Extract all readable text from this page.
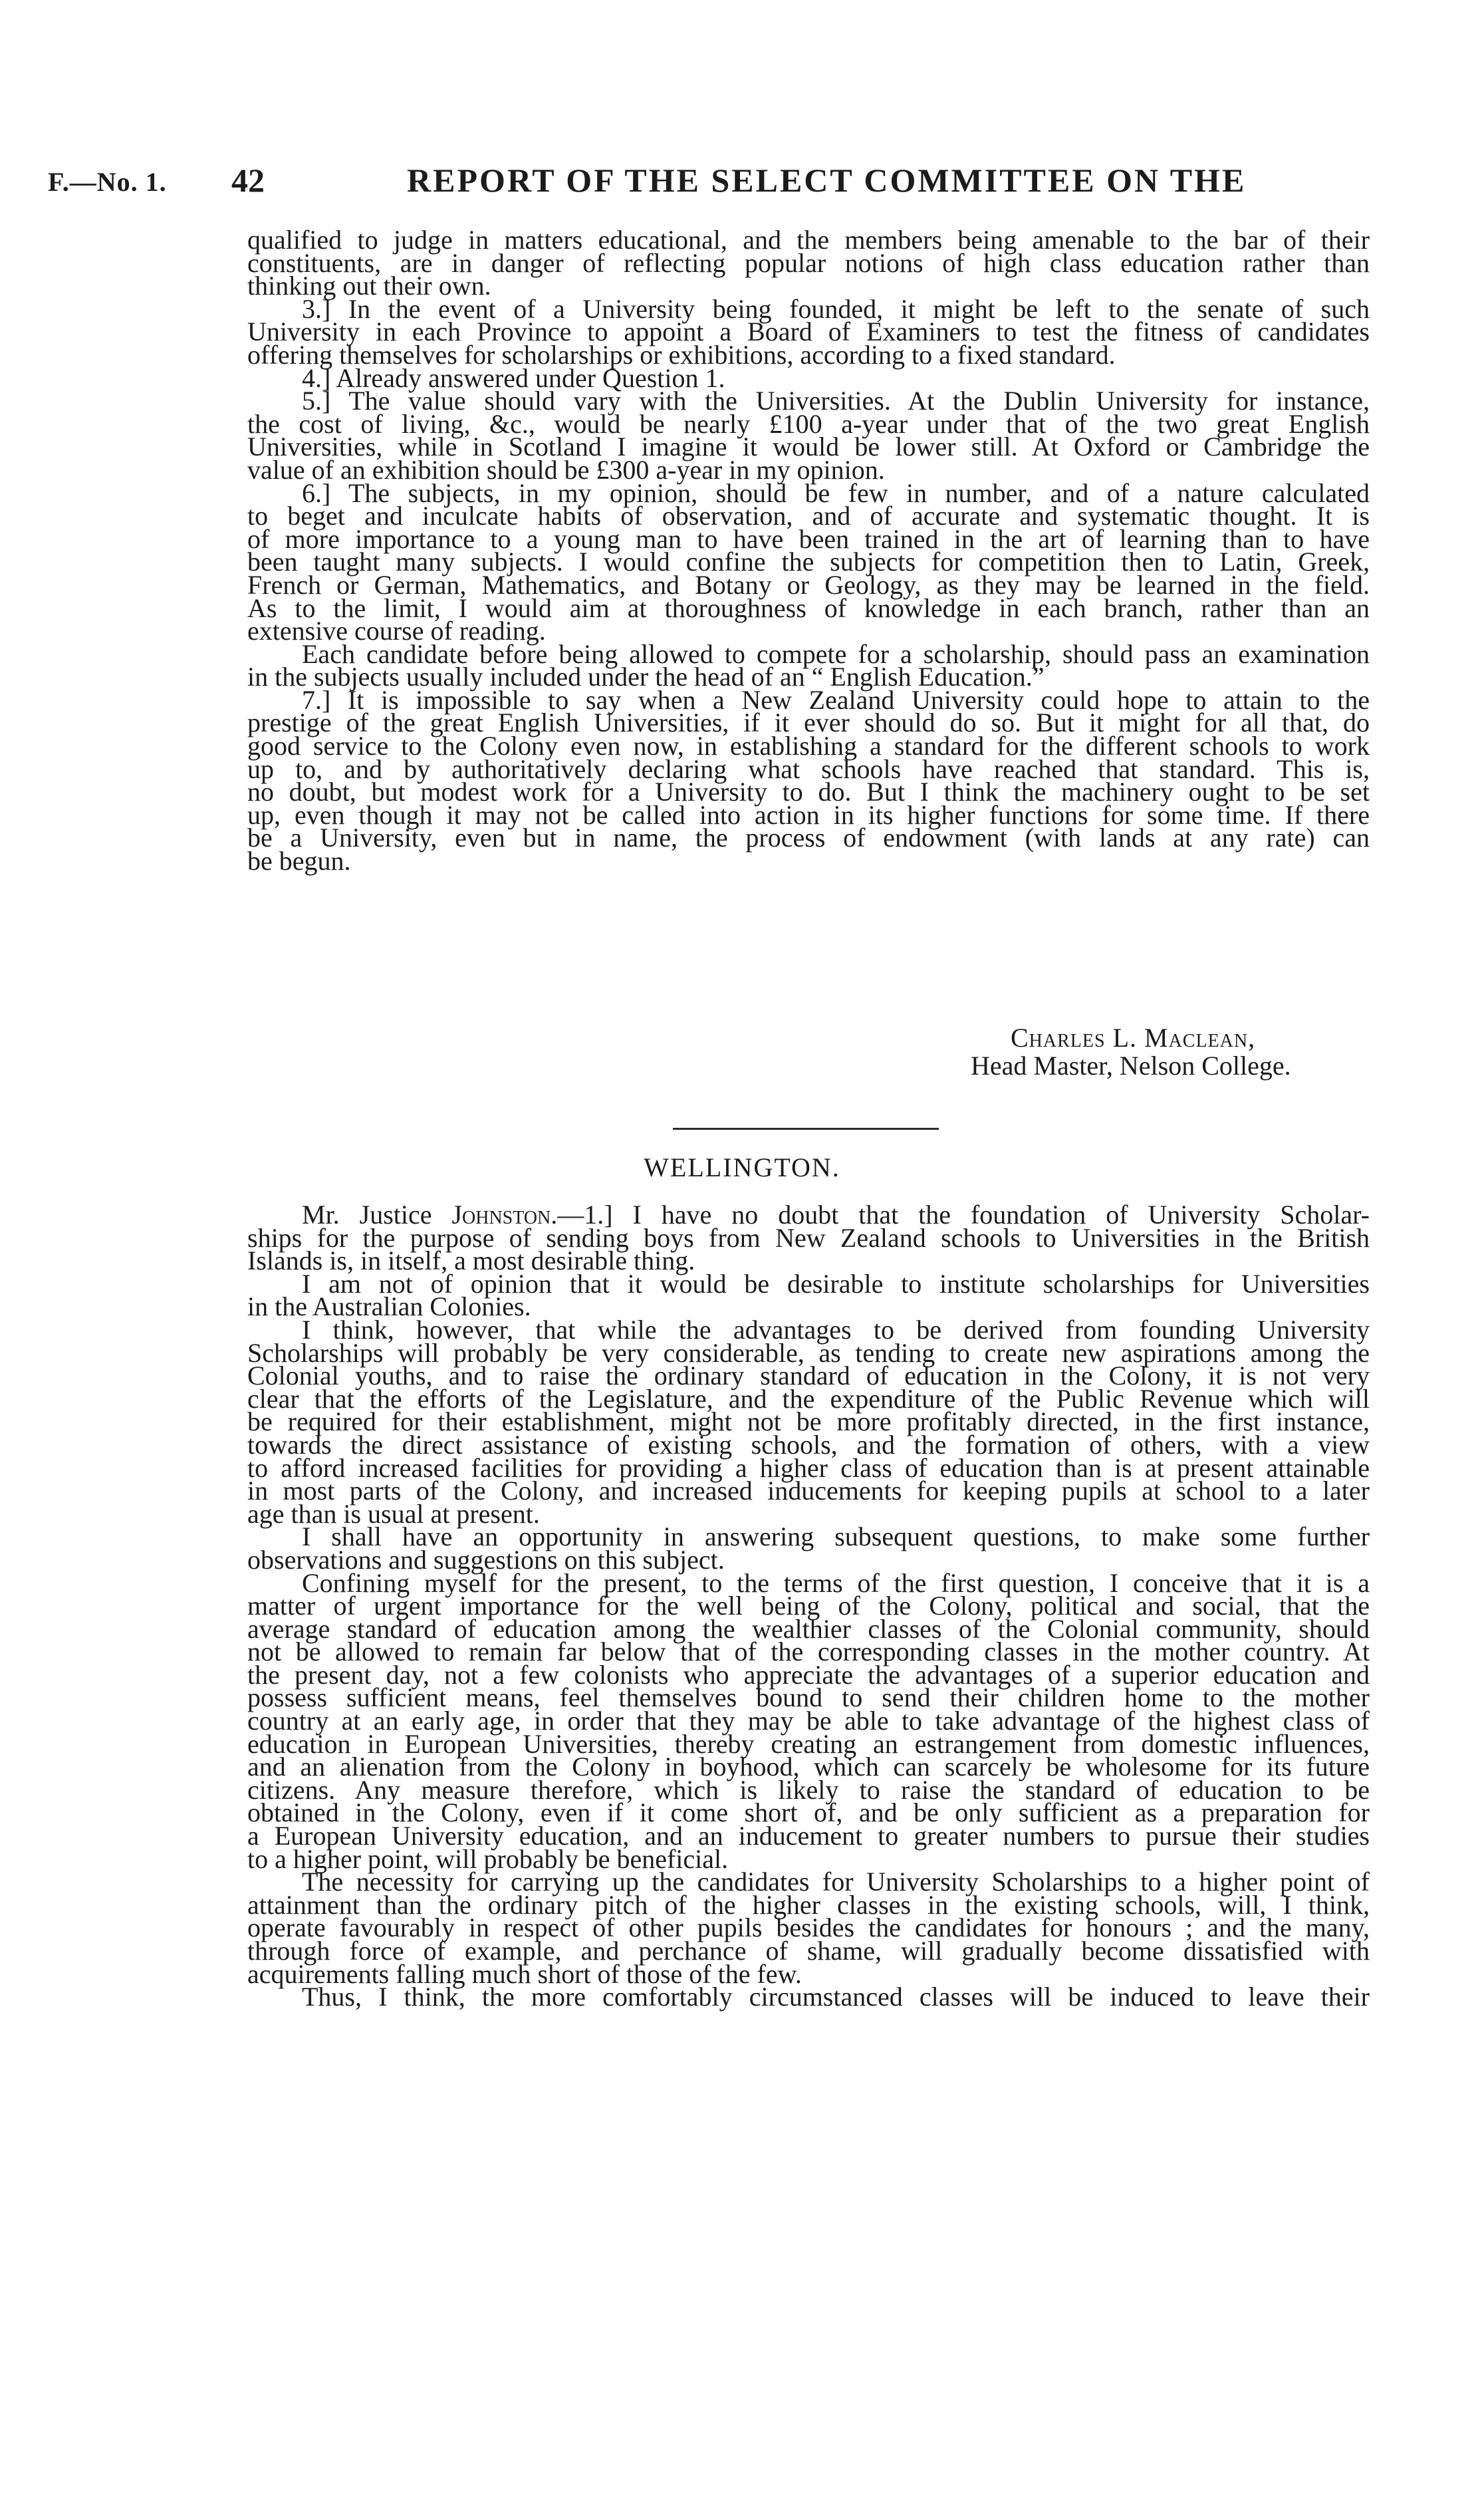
F.—No. 1. 42	REPORT OF THE SELECT COMMITTEE ON THE

qualified to judge in matters educational, and the members being amenable to the bar of their

constituents, are in danger of reflecting popular notions of high class education rather than

thinking out their own.

3.] In the event of a University being founded, it might be left to the senate of such

University in each Province to appoint a Board of Examiners to test the fitness of candidates

offering themselves for scholarships or exhibitions, according to a fixed standard.

4.] Already answered under Question 1.

5.] The value should vary with the Universities. At the Dublin University for instance,

the cost of living, &c., would be nearly £100 a-year under that of the two great English

Universities, while in Scotland I imagine it would be lower still. At Oxford or Cambridge the

value of an exhibition should be £300 a-year in my opinion.

6.] The subjects, in my opinion, should be few in number, and of a nature calculated

to beget and inculcate habits of observation, and of accurate and systematic thought. It is

of more importance to a young man to have been trained in the art of learning than to have

been taught many subjects. I would confine the subjects for competition then to Latin, Greek,

French or German, Mathematics, and Botany or Geology, as they may be learned in the field.

As to the limit, I would aim at thoroughness of knowledge in each branch, rather than an

extensive course of reading.

Each candidate before being allowed to compete for a scholarship, should pass an examination

in the subjects usually included under the head of an “ English Education.”

7.] It is impossible to say when a New Zealand University could hope to attain to the

prestige of the great English Universities, if it ever should do so. But it might for all that, do

good service to the Colony even now, in establishing a standard for the different schools to work

up to, and by authoritatively declaring what schools have reached that standard. This is,

no doubt, but modest work for a University to do. But I think the machinery ought to be set

up, even though it may not be called into action in its higher functions for some time. If there

be a University, even but in name, the process of endowment (with lands at any rate) can

be begun.

Charles L. Maclean,

Head Master, Nelson College.

WELLINGTON.

Mr. Justice Johnston.—1.] I have no doubt that the foundation of University Scholar-

ships for the purpose of sending boys from New Zealand schools to Universities in the British

Islands is, in itself, a most desirable thing.

I am not of opinion that it would be desirable to institute scholarships for Universities

in the Australian Colonies.

I think, however, that while the advantages to be derived from founding University

Scholarships will probably be very considerable, as tending to create new aspirations among the

Colonial youths, and to raise the ordinary standard of education in the Colony, it is not very

clear that the efforts of the Legislature, and the expenditure of the Public Revenue which will

be required for their establishment, might not be more profitably directed, in the first instance,

towards the direct assistance of existing schools, and the formation of others, with a view

to afford increased facilities for providing a higher class of education than is at present attainable

in most parts of the Colony, and increased inducements for keeping pupils at school to a later

age than is usual at present.

I shall have an opportunity in answering subsequent questions, to make some further

observations and suggestions on this subject.

Confining myself for the present, to the terms of the first question, I conceive that it is a

matter of urgent importance for the well being of the Colony, political and social, that the

average standard of education among the wealthier classes of the Colonial community, should

not be allowed to remain far below that of the corresponding classes in the mother country. At

the present day, not a few colonists who appreciate the advantages of a superior education and

possess sufficient means, feel themselves bound to send their children home to the mother

country at an early age, in order that they may be able to take advantage of the highest class of

education in European Universities, thereby creating an estrangement from domestic influences,

and an alienation from the Colony in boyhood, which can scarcely be wholesome for its future

citizens. Any measure therefore, which is likely to raise the standard of education to be

obtained in the Colony, even if it come short of, and be only sufficient as a preparation for

a European University education, and an inducement to greater numbers to pursue their studies

to a higher point, will probably be beneficial.

The necessity for carrying up the candidates for University Scholarships to a higher point of

attainment than the ordinary pitch of the higher classes in the existing schools, will, I think,

operate favourably in respect of other pupils besides the candidates for honours ; and the many,

through force of example, and perchance of shame, will gradually become dissatisfied with

acquirements falling much short of those of the few.

Thus, I think, the more comfortably circumstanced classes will be induced to leave their
